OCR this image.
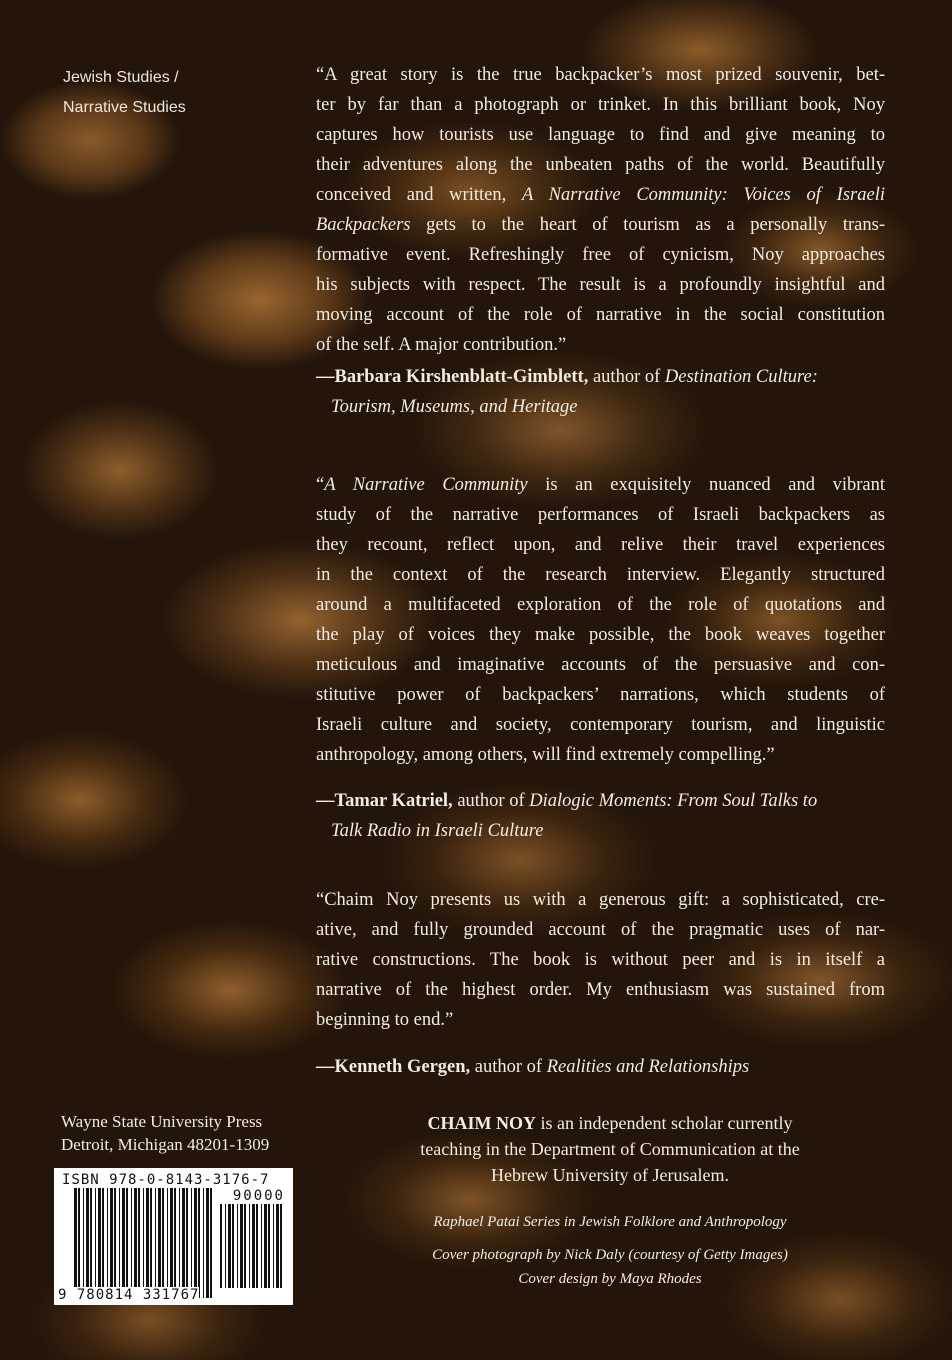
Jewish Studies /
Narrative Studies
“A great story is the true backpacker’s most prized souvenir, bet-
ter by far than a photograph or trinket. In this brilliant book, Noy
captures how tourists use language to find and give meaning to
their adventures along the unbeaten paths of the world. Beautifully
conceived and written, A Narrative Community: Voices of Israeli
Backpackers gets to the heart of tourism as a personally trans-
formative event. Refreshingly free of cynicism, Noy approaches
his subjects with respect. The result is a profoundly insightful and
moving account of the role of narrative in the social constitution
of the self. A major contribution.”
—Barbara Kirshenblatt-Gimblett, author of Destination Culture:
Tourism, Museums, and Heritage
“A Narrative Community is an exquisitely nuanced and vibrant
study of the narrative performances of Israeli backpackers as
they recount, reflect upon, and relive their travel experiences
in the context of the research interview. Elegantly structured
around a multifaceted exploration of the role of quotations and
the play of voices they make possible, the book weaves together
meticulous and imaginative accounts of the persuasive and con-
stitutive power of backpackers’ narrations, which students of
Israeli culture and society, contemporary tourism, and linguistic
anthropology, among others, will find extremely compelling.”
—Tamar Katriel, author of Dialogic Moments: From Soul Talks to
Talk Radio in Israeli Culture
“Chaim Noy presents us with a generous gift: a sophisticated, cre-
ative, and fully grounded account of the pragmatic uses of nar-
rative constructions. The book is without peer and is in itself a
narrative of the highest order. My enthusiasm was sustained from
beginning to end.”
—Kenneth Gergen, author of Realities and Relationships
Wayne State University Press
Detroit, Michigan 48201-1309
CHAIM NOY is an independent scholar currently
teaching in the Department of Communication at the
Hebrew University of Jerusalem.
Raphael Patai Series in Jewish Folklore and Anthropology
Cover photograph by Nick Daly (courtesy of Getty Images)
Cover design by Maya Rhodes
ISBN 978-0-8143-3176-7
90000
9 780814 331767
